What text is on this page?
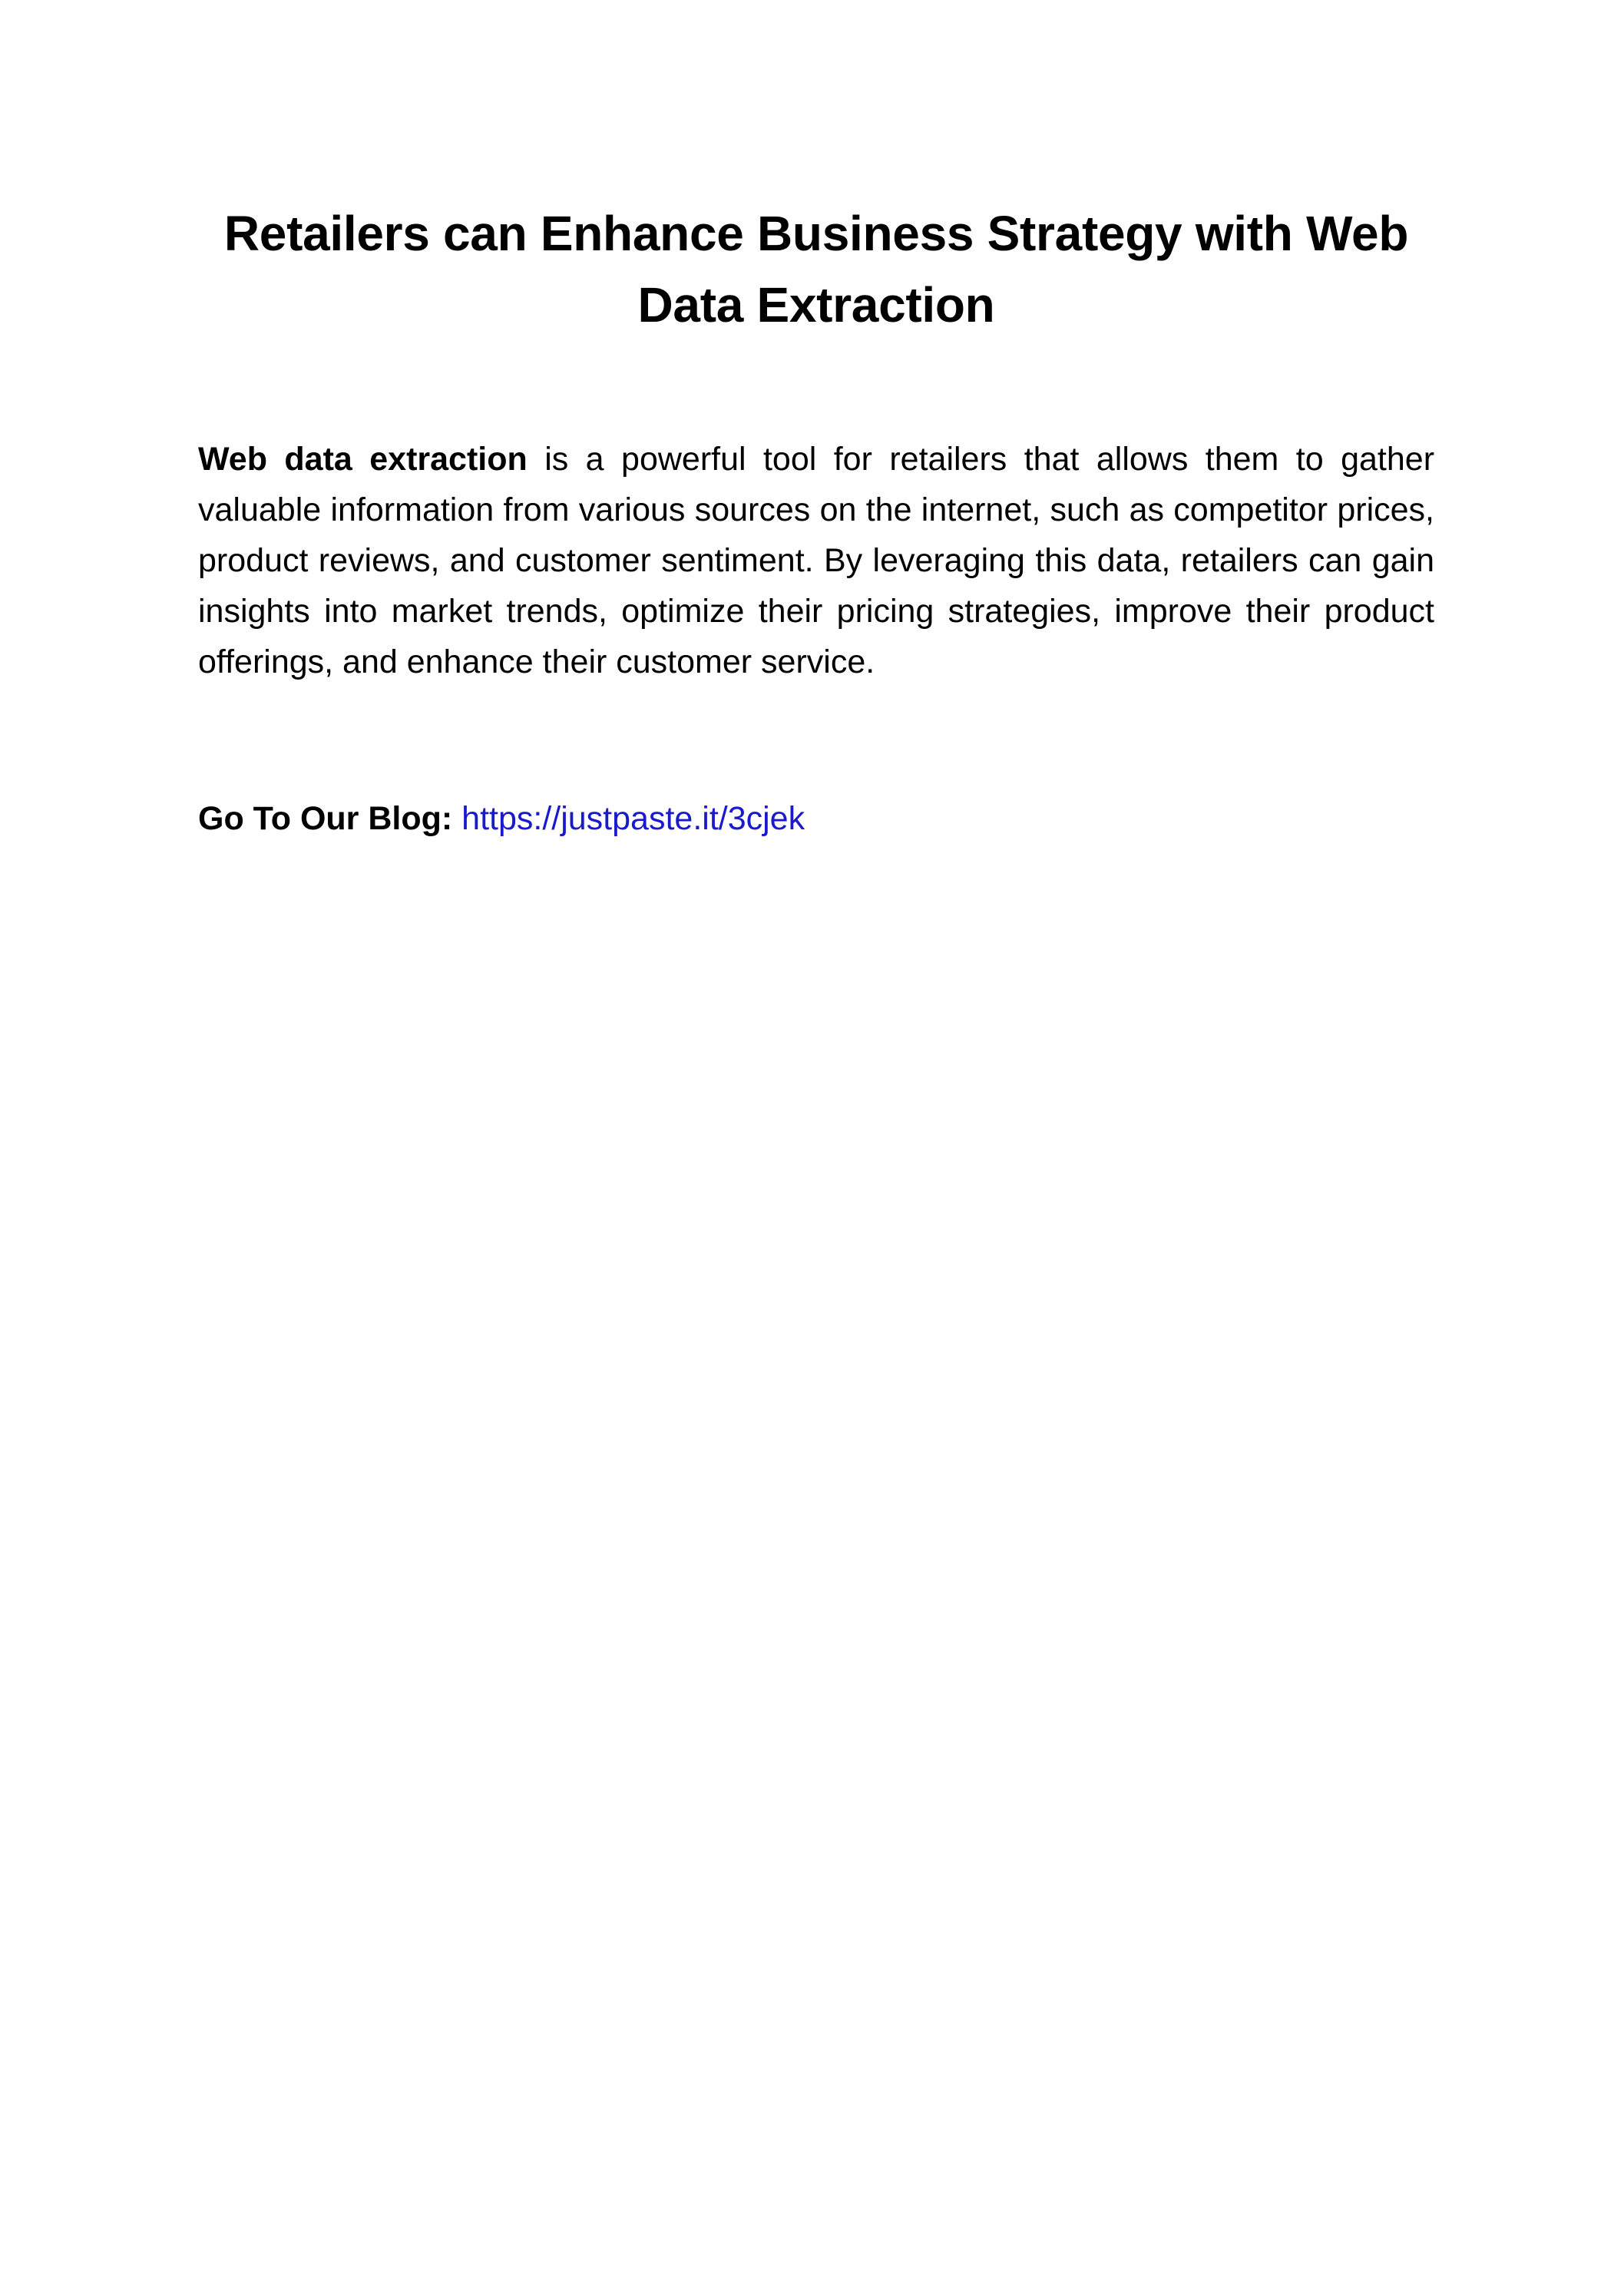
Retailers can Enhance Business Strategy with Web
Data Extraction

Web data extraction is a powerful tool for retailers that allows them to gather valuable information from various sources on the internet, such as competitor prices, product reviews, and customer sentiment. By leveraging this data, retailers can gain insights into market trends, optimize their pricing strategies, improve their product offerings, and enhance their customer service.

Go To Our Blog: https://justpaste.it/3cjek
